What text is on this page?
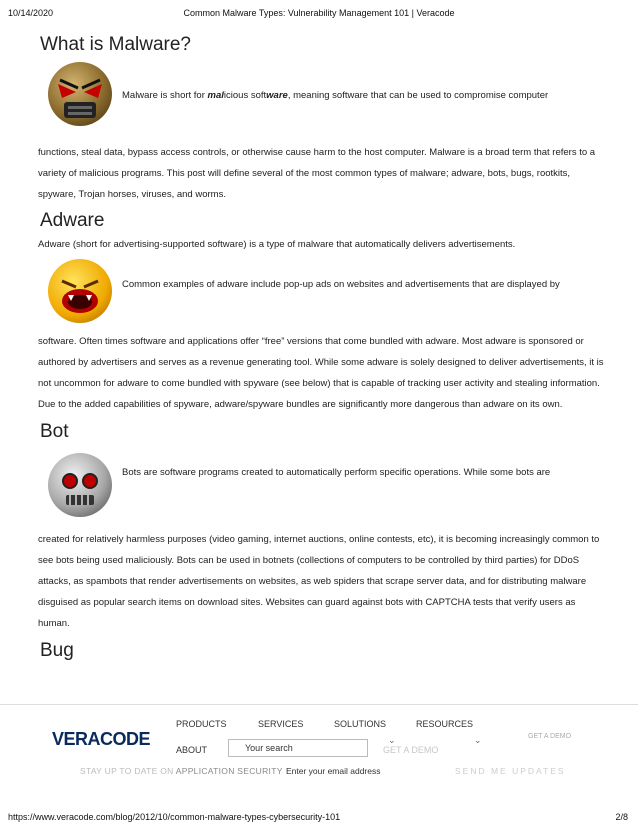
10/14/2020	Common Malware Types: Vulnerability Management 101 | Veracode
What is Malware?
Malware is short for malicious software, meaning software that can be used to compromise computer

functions, steal data, bypass access controls, or otherwise cause harm to the host computer. Malware is a broad term that refers to a variety of malicious programs. This post will define several of the most common types of malware; adware, bots, bugs, rootkits, spyware, Trojan horses, viruses, and worms.

Adware

Adware (short for advertising-supported software) is a type of malware that automatically delivers advertisements.

Common examples of adware include pop-up ads on websites and advertisements that are displayed by

software. Often times software and applications offer “free” versions that come bundled with adware. Most adware is sponsored or authored by advertisers and serves as a revenue generating tool. While some adware is solely designed to deliver advertisements, it is not uncommon for adware to come bundled with spyware (see below) that is capable of tracking user activity and stealing information. Due to the added capabilities of spyware, adware/spyware bundles are significantly more dangerous than adware on its own.

Bot
Bots are software programs created to automatically perform specific operations. While some bots are

created for relatively harmless purposes (video gaming, internet auctions, online contests, etc), it is becoming increasingly common to see bots being used maliciously. Bots can be used in botnets (collections of computers to be controlled by third parties) for DDoS attacks, as spambots that render advertisements on websites, as web spiders that scrape server data, and for distributing malware disguised as popular search items on download sites. Websites can guard against bots with CAPTCHA tests that verify users as human.

Bug
VERACODE
PRODUCTS	SERVICES	SOLUTIONS	RESOURCES
ABOUT	Your search
⌄	⌄
GET A DEMO
GET A DEMO
STAY UP TO DATE ON APPLICATION SECURITY Enter your email address	SEND ME UPDATES
https://www.veracode.com/blog/2012/10/common-malware-types-cybersecurity-101	2/8
